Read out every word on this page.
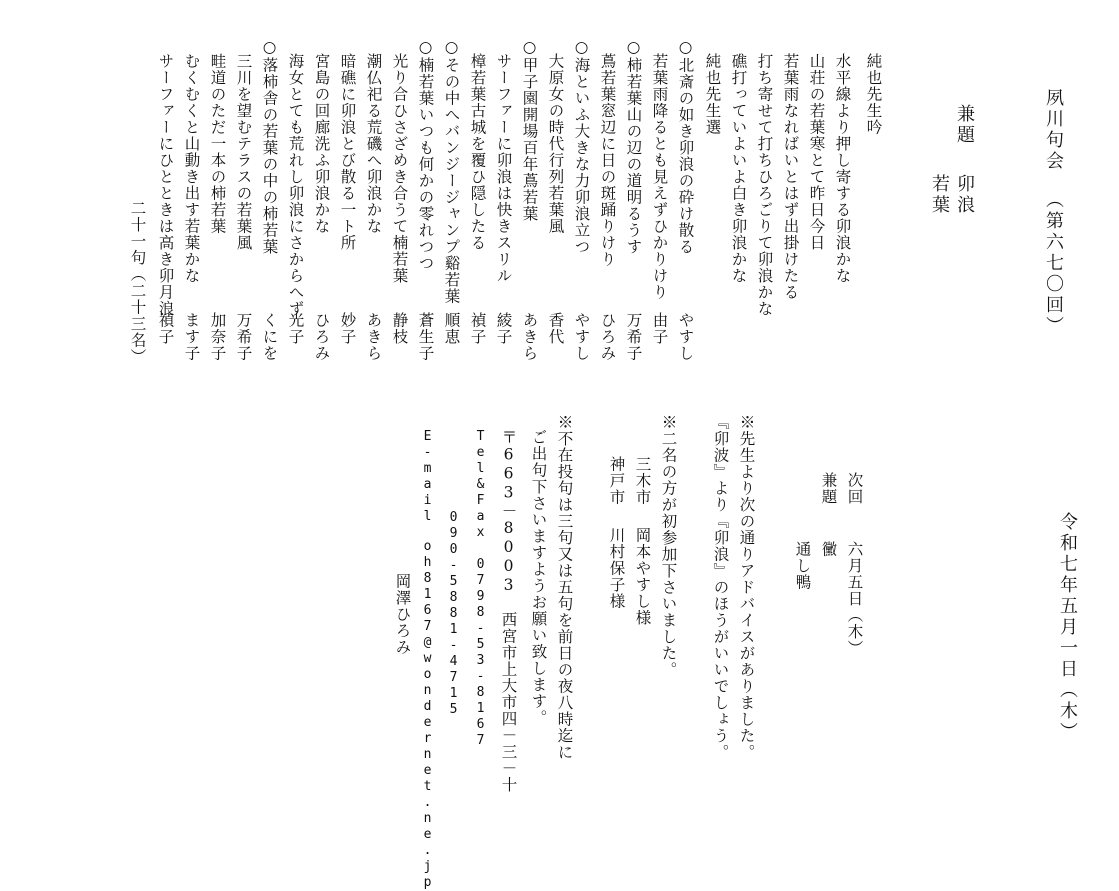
夙川句会
（第六七〇回）
令和七年五月一日（木）
兼題
卯浪
若葉
純也先生吟
水平線より押し寄する卯浪かな
山荘の若葉寒とて昨日今日
若葉雨なればいとはず出掛けたる
打ち寄せて打ちひろごりて卯浪かな
礁打っていよいよ白き卯浪かな
純也先生選
○北斎の如き卯浪の砕け散る
やすし
若葉雨降るとも見えずひかりけり
由子
○柿若葉山の辺の道明るうす
万希子
蔦若葉窓辺に日の斑踊りけり
ひろみ
○海といふ大きな力卯浪立つ
やすし
大原女の時代行列若葉風
香代
○甲子園開場百年蔦若葉
あきら
サーファーに卯浪は快きスリル
綾子
樟若葉古城を覆ひ隠したる
禎子
○その中へバンジージャンプ谿若葉
順恵
○楠若葉いつも何かの零れつつ
蒼生子
光り合ひさざめき合うて楠若葉
静枝
潮仏祀る荒磯へ卯浪かな
あきら
暗礁に卯浪とび散る一ト所
妙子
宮島の回廊洗ふ卯浪かな
ひろみ
海女とても荒れし卯浪にさからへず
光子
○落柿舎の若葉の中の柿若葉
くにを
三川を望むテラスの若葉風
万希子
畦道のただ一本の柿若葉
加奈子
むくむくと山動き出す若葉かな
ます子
サーファーにひとときは高き卯月浪
禎子
二十一句（二十三名）
次回
六月五日（木）
兼題
黴
通し鴨
※先生より次の通りアドバイスがありました。
『卯波』より『卯浪』のほうがいいでしょう。
※二名の方が初参加下さいました。
三木市
岡本やすし様
神戸市
川村保子様
※不在投句は三句又は五句を前日の夜八時迄に
ご出句下さいますようお願い致します。
〒663－8003　西宮市上大市四－三－十
Tel&Fax 0798-53-8167
090-5881-4715
E-mail　oh8167@wondernet.ne.jp
岡澤ひろみ
